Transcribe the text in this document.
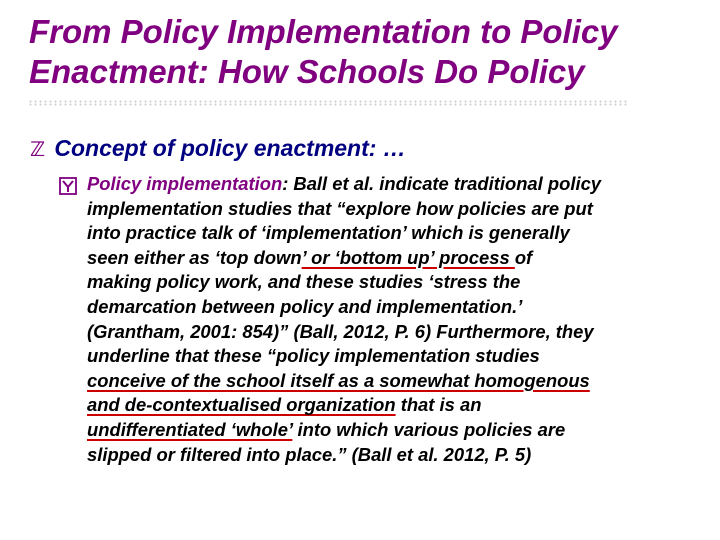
From Policy Implementation to Policy Enactment: How Schools Do Policy
ℤ Concept of policy enactment: …
Policy implementation: Ball et al. indicate traditional policy
implementation studies that “explore how policies are put
into practice talk of ‘implementation’ which is generally
seen either as ‘top down’ or ‘bottom up’ process of
making policy work, and these studies ‘stress the
demarcation between policy and implementation.’
(Grantham, 2001: 854)” (Ball, 2012, P. 6) Furthermore, they
underline that these “policy implementation studies
conceive of the school itself as a somewhat homogenous
and de-contextualised organization that is an
undifferentiated ‘whole’ into which various policies are
slipped or filtered into place.” (Ball et al. 2012, P. 5)
